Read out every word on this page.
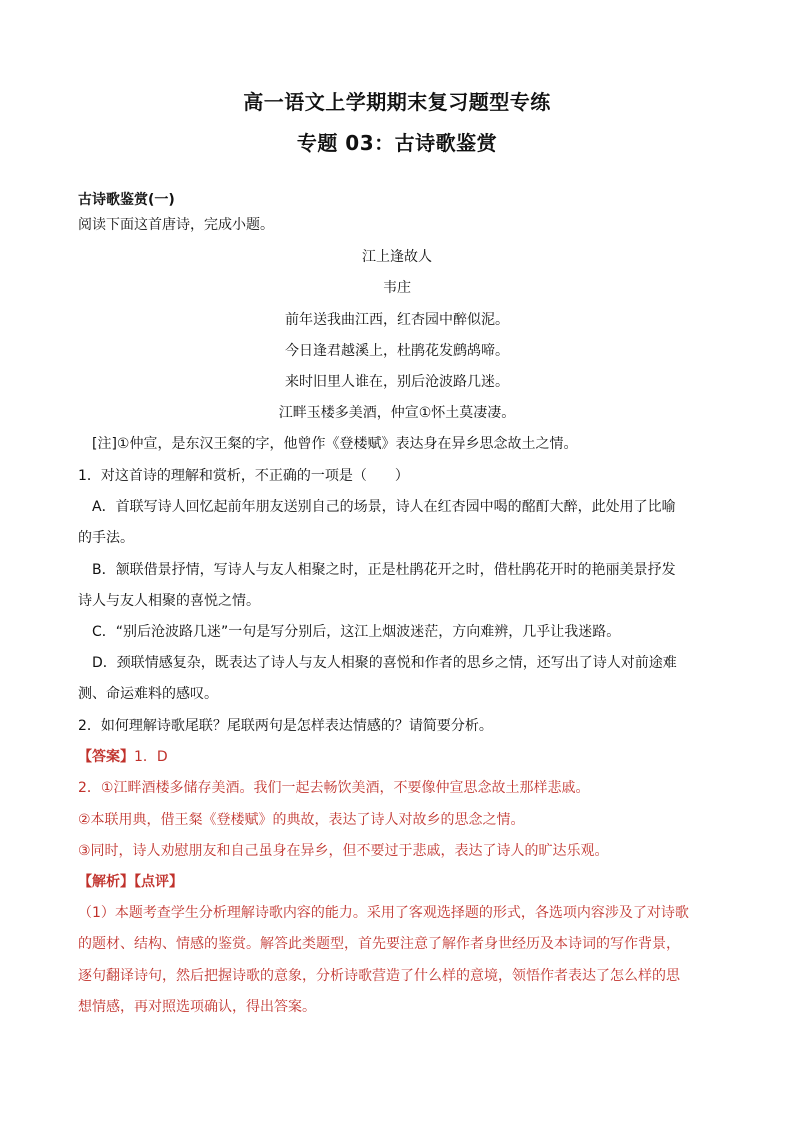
高一语文上学期期末复习题型专练
专题 03：古诗歌鉴赏
古诗歌鉴赏(一)
阅读下面这首唐诗，完成小题。
江上逢故人
韦庄
前年送我曲江西，红杏园中醉似泥。
今日逢君越溪上，杜鹃花发鹧鸪啼。
来时旧里人谁在，别后沧波路几迷。
江畔玉楼多美酒，仲宣①怀土莫凄凄。
[注]①仲宣，是东汉王粲的字，他曾作《登楼赋》表达身在异乡思念故土之情。
1．对这首诗的理解和赏析，不正确的一项是（　　）
A．首联写诗人回忆起前年朋友送别自己的场景，诗人在红杏园中喝的酩酊大醉，此处用了比喻
的手法。
B．颔联借景抒情，写诗人与友人相聚之时，正是杜鹃花开之时，借杜鹃花开时的艳丽美景抒发
诗人与友人相聚的喜悦之情。
C．“别后沧波路几迷”一句是写分别后，这江上烟波迷茫，方向难辨，几乎让我迷路。
D．颈联情感复杂，既表达了诗人与友人相聚的喜悦和作者的思乡之情，还写出了诗人对前途难
测、命运难料的感叹。
2．如何理解诗歌尾联？尾联两句是怎样表达情感的？请简要分析。
【答案】1．D
2．①江畔酒楼多储存美酒。我们一起去畅饮美酒，不要像仲宣思念故土那样悲戚。
②本联用典，借王粲《登楼赋》的典故，表达了诗人对故乡的思念之情。
③同时，诗人劝慰朋友和自己虽身在异乡，但不要过于悲戚，表达了诗人的旷达乐观。
【解析】【点评】
（1）本题考查学生分析理解诗歌内容的能力。采用了客观选择题的形式，各选项内容涉及了对诗歌
的题材、结构、情感的鉴赏。解答此类题型，首先要注意了解作者身世经历及本诗词的写作背景，
逐句翻译诗句，然后把握诗歌的意象，分析诗歌营造了什么样的意境，领悟作者表达了怎么样的思
想情感，再对照选项确认，得出答案。
